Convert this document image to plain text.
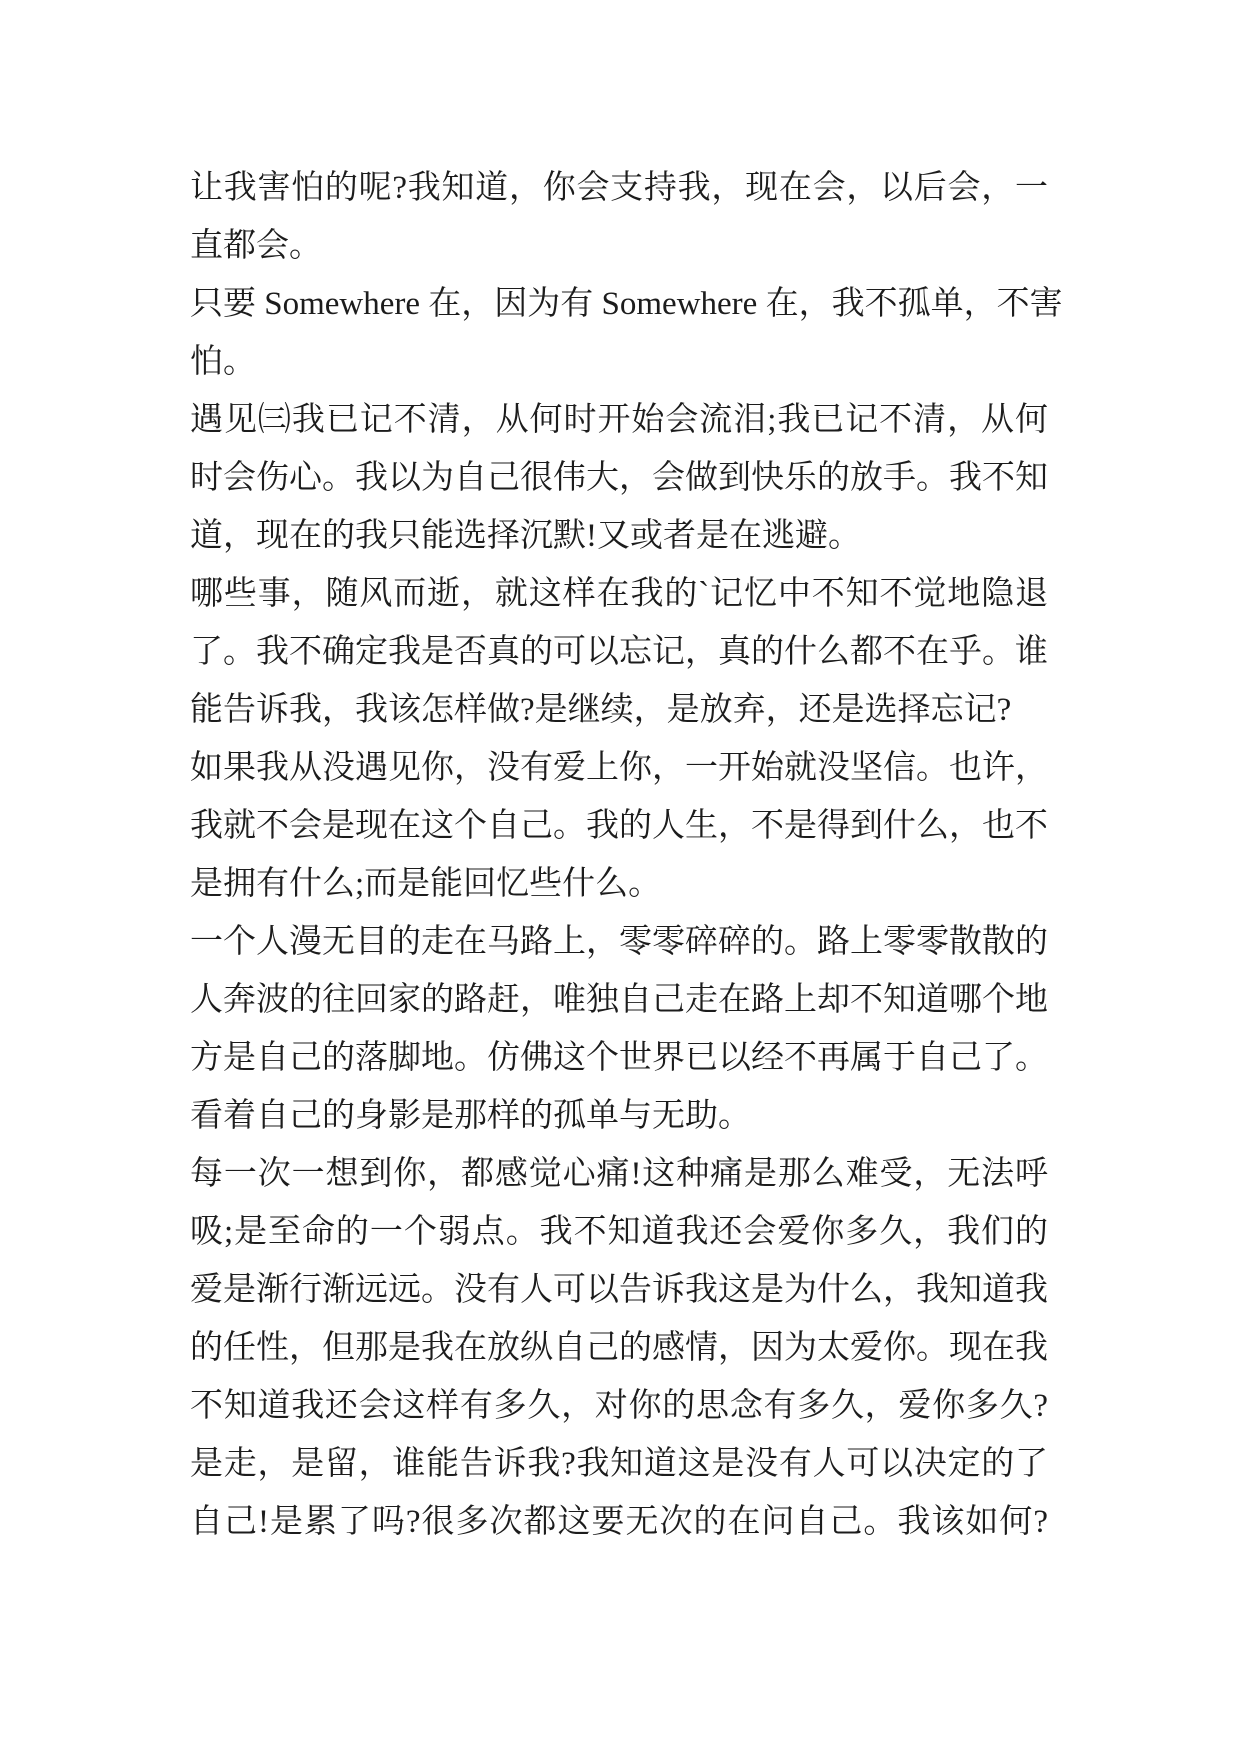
让我害怕的呢?我知道，你会支持我，现在会，以后会，一
直都会。
只要 Somewhere 在，因为有 Somewhere 在，我不孤单，不害
怕。
遇见㈢我已记不清，从何时开始会流泪;我已记不清，从何
时会伤心。我以为自己很伟大，会做到快乐的放手。我不知
道，现在的我只能选择沉默!又或者是在逃避。
哪些事，随风而逝，就这样在我的`记忆中不知不觉地隐退
了。我不确定我是否真的可以忘记，真的什么都不在乎。谁
能告诉我，我该怎样做?是继续，是放弃，还是选择忘记?
如果我从没遇见你，没有爱上你，一开始就没坚信。也许，
我就不会是现在这个自己。我的人生，不是得到什么，也不
是拥有什么;而是能回忆些什么。
一个人漫无目的走在马路上，零零碎碎的。路上零零散散的
人奔波的往回家的路赶，唯独自己走在路上却不知道哪个地
方是自己的落脚地。仿佛这个世界已以经不再属于自己了。
看着自己的身影是那样的孤单与无助。
每一次一想到你，都感觉心痛!这种痛是那么难受，无法呼
吸;是至命的一个弱点。我不知道我还会爱你多久，我们的
爱是渐行渐远远。没有人可以告诉我这是为什么，我知道我
的任性，但那是我在放纵自己的感情，因为太爱你。现在我
不知道我还会这样有多久，对你的思念有多久，爱你多久?
是走，是留，谁能告诉我?我知道这是没有人可以决定的了
自己!是累了吗?很多次都这要无次的在问自己。我该如何?
